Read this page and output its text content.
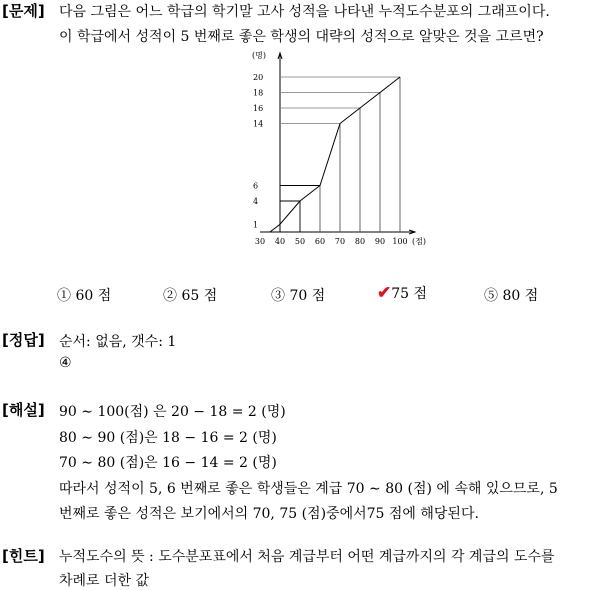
[문제] 다음 그림은 어느 학급의 학기말 고사 성적을 나타낸 누적도수분포의 그래프이다.
이 학급에서 성적이 5 번째로 좋은 학생의 대략의 성적으로 알맞은 것을 고르면?
(명)
(점)
20
18
16
14
6
4
1
30 40 50 60 70 80 90 100
① 60 점	② 65 점	③ 70 점	✔75 점	⑤ 80 점
[정답] 순서: 없음, 갯수: 1
④
[해설] 90 ∼ 100(점) 은 20 − 18 = 2 (명)
80 ∼ 90 (점)은 18 − 16 = 2 (명)
70 ∼ 80 (점)은 16 − 14 = 2 (명)
따라서 성적이 5, 6 번째로 좋은 학생들은 계급 70 ∼ 80 (점) 에 속해 있으므로, 5
번째로 좋은 성적은 보기에서의 70, 75 (점)중에서75 점에 해당된다.
[힌트] 누적도수의 뜻 : 도수분포표에서 처음 계급부터 어떤 계급까지의 각 계급의 도수를
차례로 더한 값
